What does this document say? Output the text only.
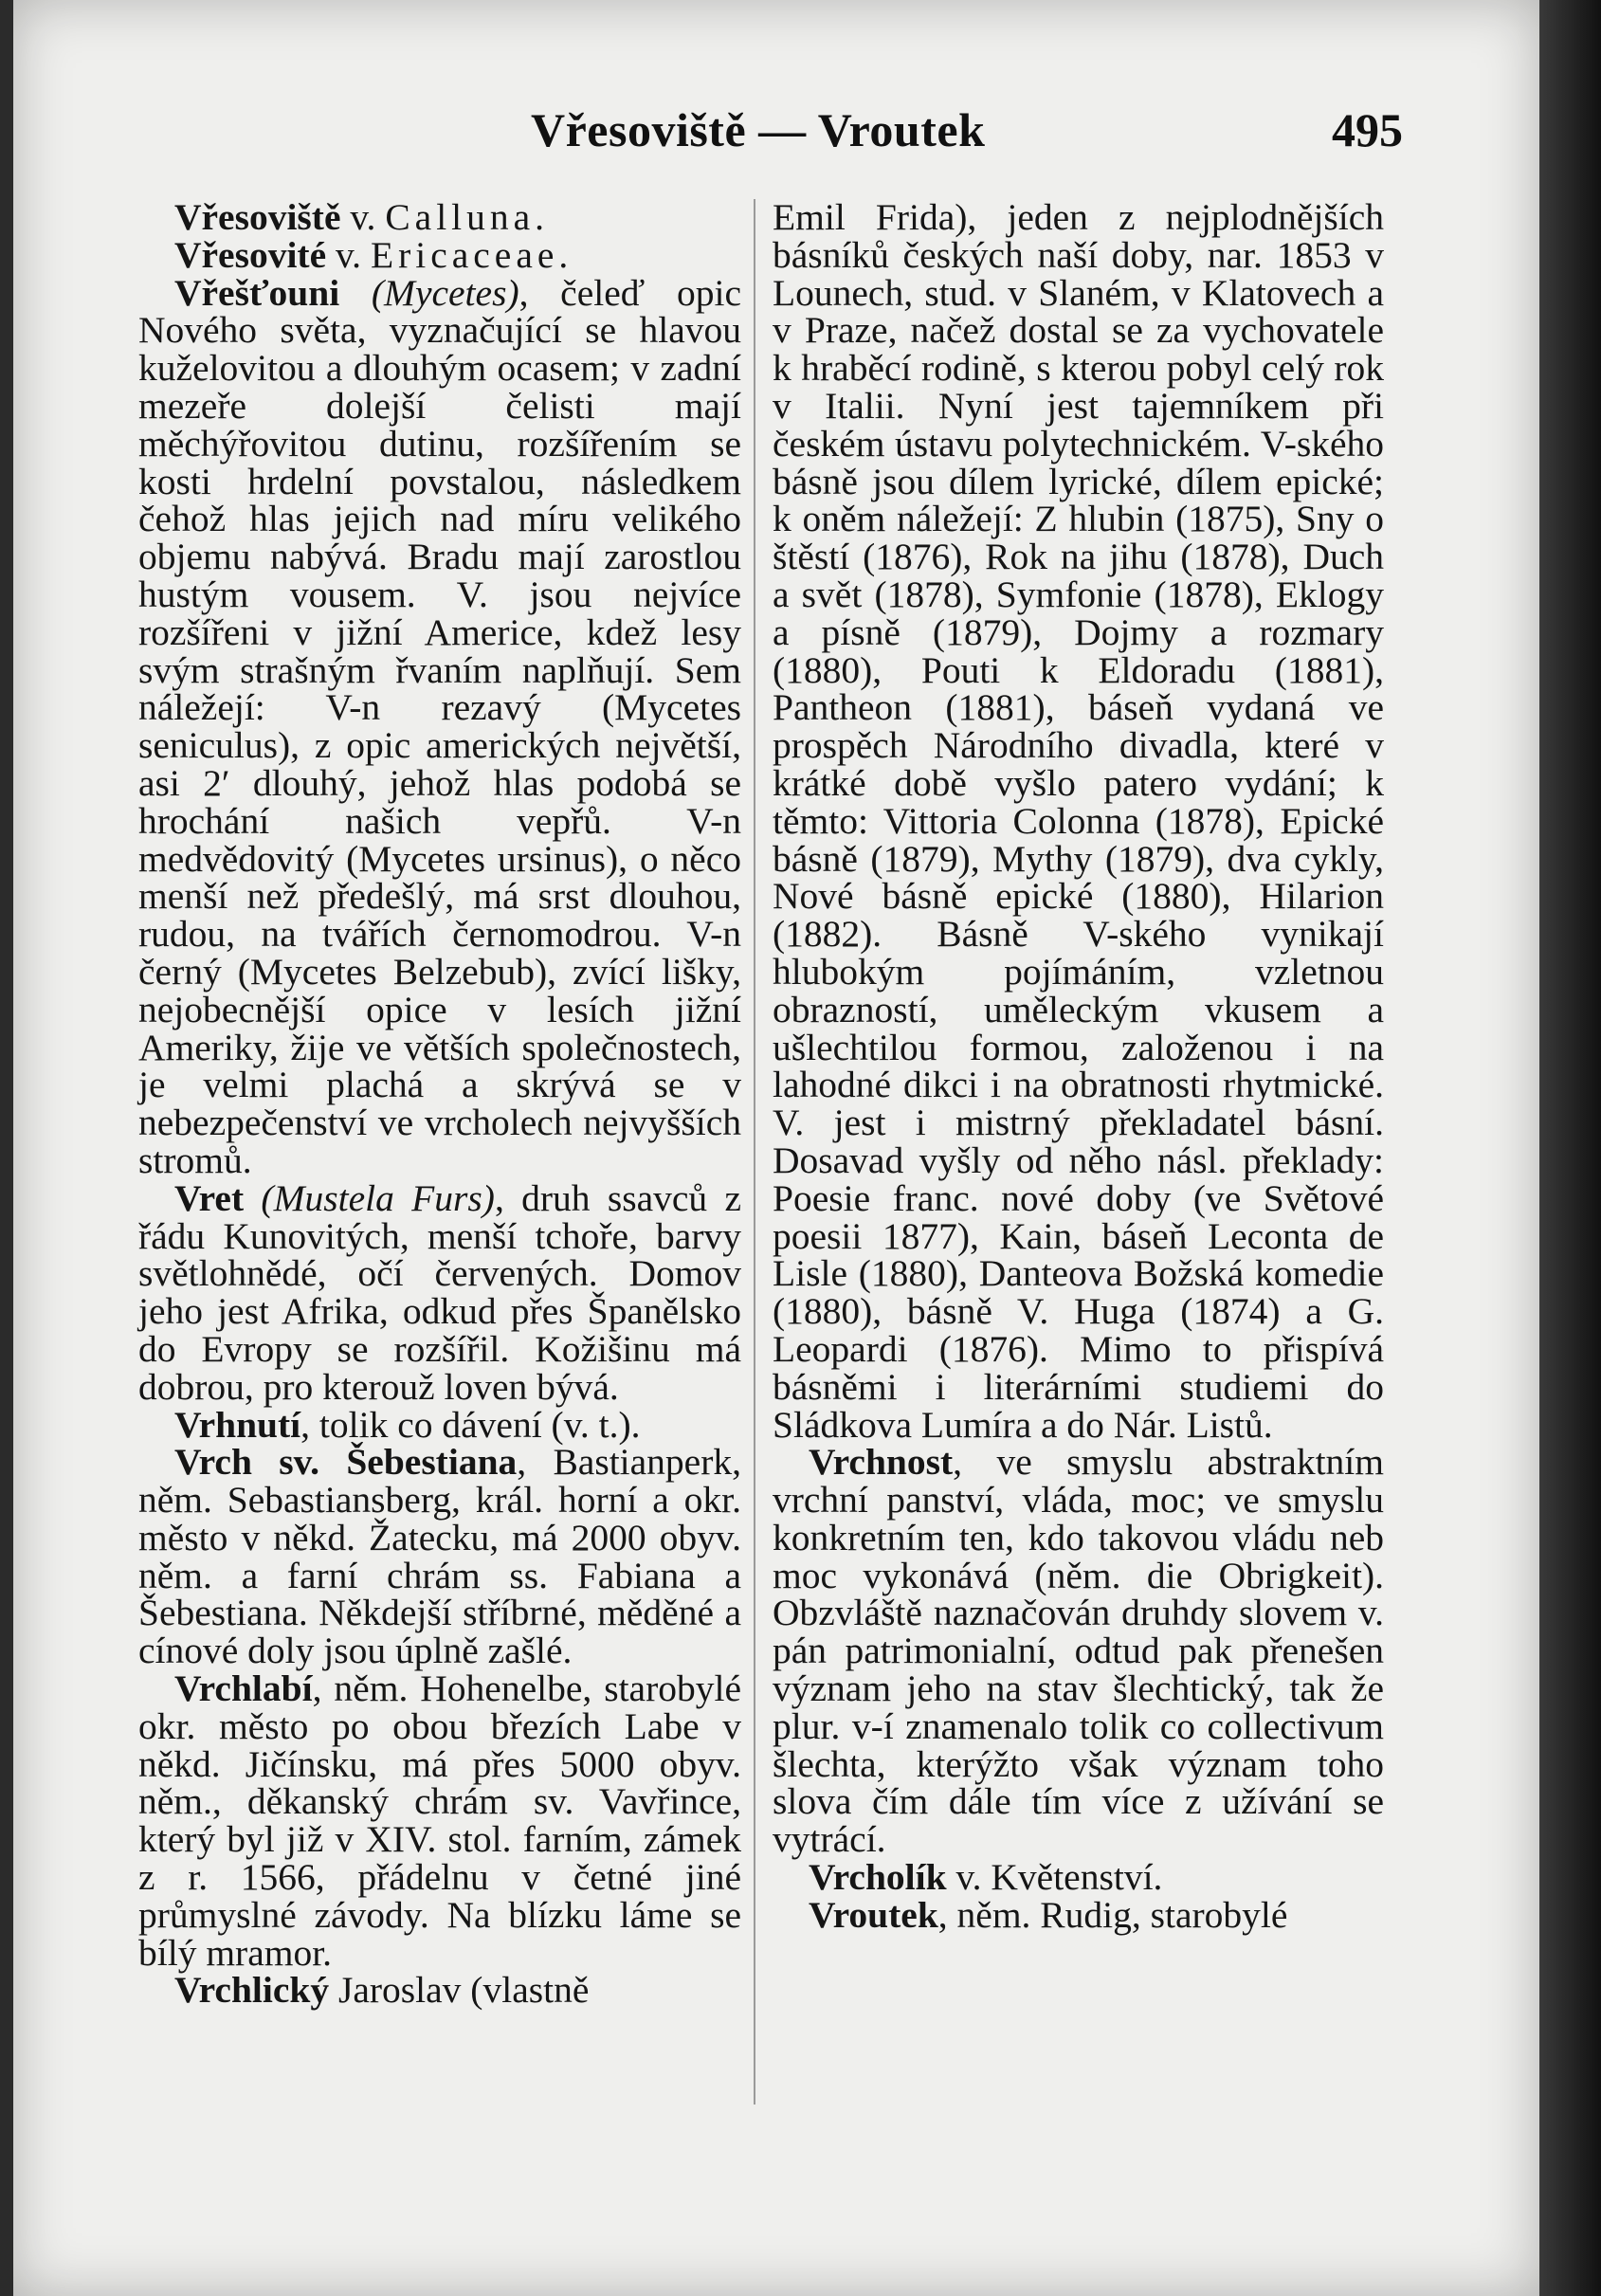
Vřesoviště — Vroutek	495

Vřesoviště v. Calluna.

Vřesovité v. Ericaceae.

Vřešťouni (Mycetes), čeleď opic Nového světa, vyznačující se hlavou kuželovitou a dlouhým ocasem; v zadní mezeře dolejší čelisti mají měchýřovitou dutinu, rozšířením se kosti hrdelní povstalou, následkem čehož hlas jejich nad míru velikého objemu nabývá. Bradu mají zarostlou hustým vousem. V. jsou nejvíce rozšířeni v jižní Americe, kdež lesy svým strašným řvaním naplňují. Sem náležejí: V-n rezavý (Mycetes seniculus), z opic amerických největší, asi 2′ dlouhý, jehož hlas podobá se hrochání našich vepřů. V-n medvědovitý (Mycetes ursinus), o něco menší než předešlý, má srst dlouhou, rudou, na tvářích černomodrou. V-n černý (Mycetes Belzebub), zvící lišky, nejobecnější opice v lesích jižní Ameriky, žije ve větších společnostech, je velmi plachá a skrývá se v nebezpečenství ve vrcholech nejvyšších stromů.

Vret (Mustela Furs), druh ssavců z řádu Kunovitých, menší tchoře, barvy světlohnědé, očí červených. Domov jeho jest Afrika, odkud přes Španělsko do Evropy se rozšířil. Kožišinu má dobrou, pro kterouž loven bývá.

Vrhnutí, tolik co dávení (v. t.).

Vrch sv. Šebestiana, Bastianperk, něm. Sebastiansberg, král. horní a okr. město v někd. Žatecku, má 2000 obyv. něm. a farní chrám ss. Fabiana a Šebestiana. Někdejší stříbrné, měděné a cínové doly jsou úplně zašlé.

Vrchlabí, něm. Hohenelbe, starobylé okr. město po obou březích Labe v někd. Jičínsku, má přes 5000 obyv. něm., děkanský chrám sv. Vavřince, který byl již v XIV. stol. farním, zámek z r. 1566, přádelnu v četné jiné průmyslné závody. Na blízku láme se bílý mramor.

Vrchlický Jaroslav (vlastně

Emil Frida), jeden z nejplodnějších básníků českých naší doby, nar. 1853 v Lounech, stud. v Slaném, v Klatovech a v Praze, načež dostal se za vychovatele k hraběcí rodině, s kterou pobyl celý rok v Italii. Nyní jest tajemníkem při českém ústavu polytechnickém. V-ského básně jsou dílem lyrické, dílem epické; k oněm náležejí: Z hlubin (1875), Sny o štěstí (1876), Rok na jihu (1878), Duch a svět (1878), Symfonie (1878), Eklogy a písně (1879), Dojmy a rozmary (1880), Pouti k Eldoradu (1881), Pantheon (1881), báseň vydaná ve prospěch Národního divadla, které v krátké době vyšlo patero vydání; k těmto: Vittoria Colonna (1878), Epické básně (1879), Mythy (1879), dva cykly, Nové básně epické (1880), Hilarion (1882). Básně V-ského vynikají hlubokým pojímáním, vzletnou obrazností, uměleckým vkusem a ušlechtilou formou, založenou i na lahodné dikci i na obratnosti rhytmické. V. jest i mistrný překladatel básní. Dosavad vyšly od něho násl. překlady: Poesie franc. nové doby (ve Světové poesii 1877), Kain, báseň Leconta de Lisle (1880), Danteova Božská komedie (1880), básně V. Huga (1874) a G. Leopardi (1876). Mimo to přispívá básněmi i literárními studiemi do Sládkova Lumíra a do Nár. Listů.

Vrchnost, ve smyslu abstraktním vrchní panství, vláda, moc; ve smyslu konkretním ten, kdo takovou vládu neb moc vykonává (něm. die Obrigkeit). Obzvláště naznačován druhdy slovem v. pán patrimonialní, odtud pak přenešen význam jeho na stav šlechtický, tak že plur. v-í znamenalo tolik co collectivum šlechta, kterýžto však význam toho slova čím dále tím více z užívání se vytrácí.

Vrcholík v. Květenství.

Vroutek, něm. Rudig, starobylé
